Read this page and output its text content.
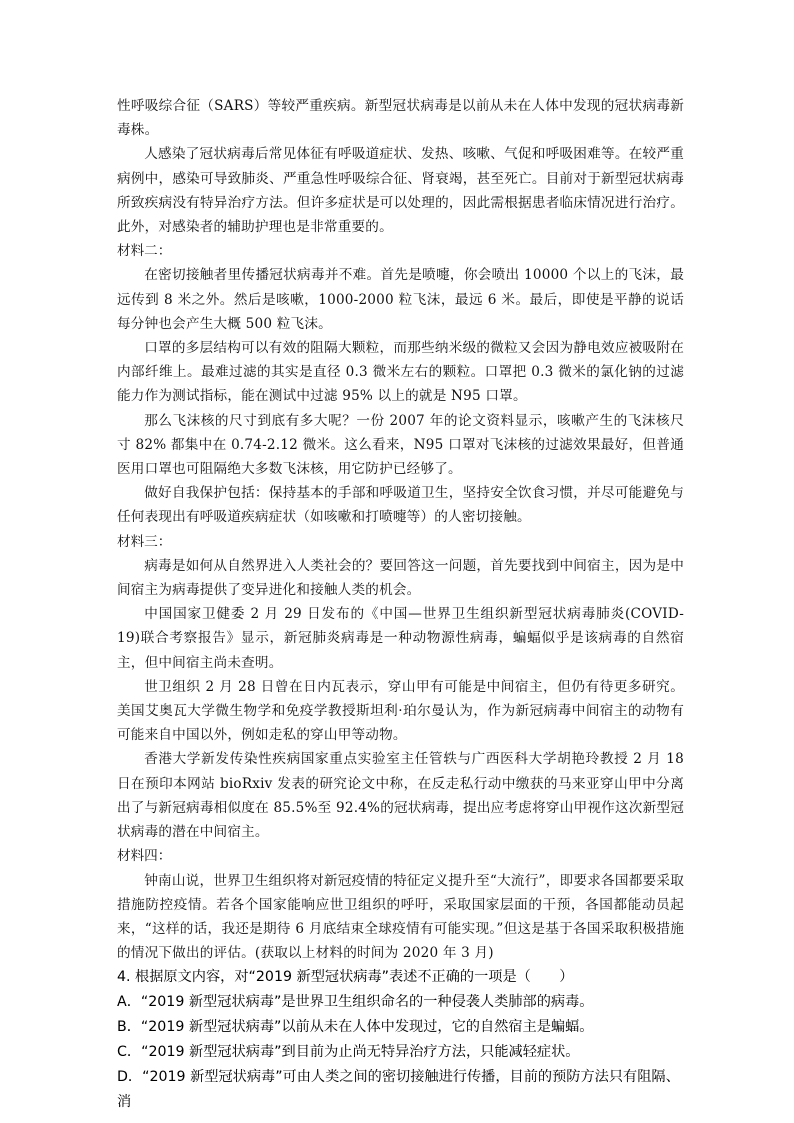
性呼吸综合征（SARS）等较严重疾病。新型冠状病毒是以前从未在人体中发现的冠状病毒新毒株。

人感染了冠状病毒后常见体征有呼吸道症状、发热、咳嗽、气促和呼吸困难等。在较严重病例中，感染可导致肺炎、严重急性呼吸综合征、肾衰竭，甚至死亡。目前对于新型冠状病毒所致疾病没有特异治疗方法。但许多症状是可以处理的，因此需根据患者临床情况进行治疗。此外，对感染者的辅助护理也是非常重要的。

材料二：

在密切接触者里传播冠状病毒并不难。首先是喷嚏，你会喷出 10000 个以上的飞沫，最远传到 8 米之外。然后是咳嗽，1000-2000 粒飞沫，最远 6 米。最后，即使是平静的说话每分钟也会产生大概 500 粒飞沫。

口罩的多层结构可以有效的阻隔大颗粒，而那些纳米级的微粒又会因为静电效应被吸附在内部纤维上。最难过滤的其实是直径 0.3 微米左右的颗粒。口罩把 0.3 微米的氯化钠的过滤能力作为测试指标，能在测试中过滤 95% 以上的就是 N95 口罩。

那么飞沫核的尺寸到底有多大呢？一份 2007 年的论文资料显示，咳嗽产生的飞沫核尺寸 82% 都集中在 0.74-2.12 微米。这么看来，N95 口罩对飞沫核的过滤效果最好，但普通医用口罩也可阻隔绝大多数飞沫核，用它防护已经够了。

做好自我保护包括：保持基本的手部和呼吸道卫生，坚持安全饮食习惯，并尽可能避免与任何表现出有呼吸道疾病症状（如咳嗽和打喷嚏等）的人密切接触。

材料三：

病毒是如何从自然界进入人类社会的？要回答这一问题，首先要找到中间宿主，因为是中间宿主为病毒提供了变异进化和接触人类的机会。

中国国家卫健委 2 月 29 日发布的《中国—世界卫生组织新型冠状病毒肺炎(COVID-19)联合考察报告》显示，新冠肺炎病毒是一种动物源性病毒，蝙蝠似乎是该病毒的自然宿主，但中间宿主尚未查明。

世卫组织 2 月 28 日曾在日内瓦表示，穿山甲有可能是中间宿主，但仍有待更多研究。美国艾奥瓦大学微生物学和免疫学教授斯坦利·珀尔曼认为，作为新冠病毒中间宿主的动物有可能来自中国以外，例如走私的穿山甲等动物。

香港大学新发传染性疾病国家重点实验室主任管轶与广西医科大学胡艳玲教授 2 月 18 日在预印本网站 bioRxiv 发表的研究论文中称，在反走私行动中缴获的马来亚穿山甲中分离出了与新冠病毒相似度在 85.5%至 92.4%的冠状病毒，提出应考虑将穿山甲视作这次新型冠状病毒的潜在中间宿主。

材料四：

钟南山说，世界卫生组织将对新冠疫情的特征定义提升至“大流行”，即要求各国都要采取措施防控疫情。若各个国家能响应世卫组织的呼吁，采取国家层面的干预，各国都能动员起来，“这样的话，我还是期待 6 月底结束全球疫情有可能实现。”但这是基于各国采取积极措施的情况下做出的评估。(获取以上材料的时间为 2020 年 3 月)

4. 根据原文内容，对“2019 新型冠状病毒”表述不正确的一项是（　　）

A．“2019 新型冠状病毒”是世界卫生组织命名的一种侵袭人类肺部的病毒。

B．“2019 新型冠状病毒”以前从未在人体中发现过，它的自然宿主是蝙蝠。

C．“2019 新型冠状病毒”到目前为止尚无特异治疗方法，只能减轻症状。

D．“2019 新型冠状病毒”可由人类之间的密切接触进行传播，目前的预防方法只有阻隔、消
